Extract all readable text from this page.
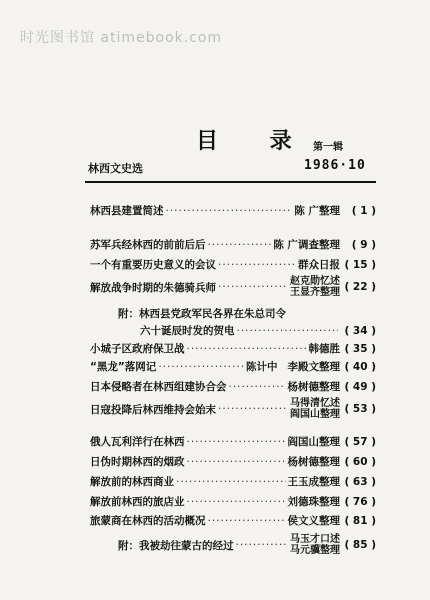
时光图书馆 atimebook.com
目 录 第一辑
林西文史选	1986·10
林西县建置简述 ·····	陈 广整理	( 1 )
苏军兵经林西的前前后后 ·····	陈 广调查整理	( 9 )
一个有重要历史意义的会议 ·····	群众日报 ( 15 )
解放战争时期的朱德骑兵师 ·····	赵克勋忆述
王显齐整理 ( 22 )
附：林西县党政军民各界在朱总司令
六十诞辰时发的贺电 ·····	( 34 )
小城子区政府保卫战 ·····	韩德胜 ( 35 )
“黑龙”落网记 ·····	陈计中 李殿文整理 ( 40 )
日本侵略者在林西组建协合会 ·····	杨树德整理 ( 49 )
日寇投降后林西维持会始末 ·····	马得清忆述
阎国山整理 ( 53 )
俄人瓦利洋行在林西 ·····	阎国山整理 ( 57 )
日伪时期林西的烟政 ·····	杨树德整理 ( 60 )
解放前的林西商业 ·····	王玉成整理 ( 63 )
解放前林西的旅店业 ·····	刘德珠整理 ( 76 )
旅蒙商在林西的活动概况 ·····	侯文义整理 ( 81 )
附：我被劫往蒙古的经过 ·····	马玉才口述
马元骥整理 ( 85 )
